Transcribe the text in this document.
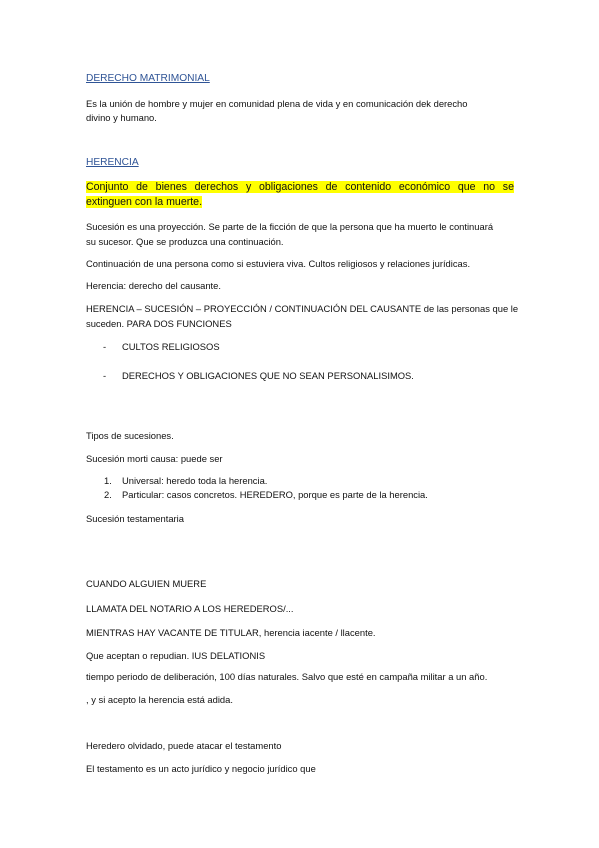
DERECHO MATRIMONIAL
Es la unión de hombre y mujer en comunidad plena de vida y en comunicación dek derecho
divino y humano.
HERENCIA
Conjunto de bienes derechos y obligaciones de contenido económico que no se
extinguen con la muerte.
Sucesión es una proyección. Se parte de la ficción de que la persona que ha muerto le continuará
su sucesor. Que se produzca una continuación.
Continuación de una persona como si estuviera viva. Cultos religiosos y relaciones jurídicas.
Herencia: derecho del causante.
HERENCIA – SUCESIÓN – PROYECCIÓN / CONTINUACIÓN DEL CAUSANTE de las personas que le
suceden. PARA DOS FUNCIONES
- CULTOS RELIGIOSOS
- DERECHOS Y OBLIGACIONES QUE NO SEAN PERSONALISIMOS.
Tipos de sucesiones.
Sucesión morti causa: puede ser
1. Universal: heredo toda la herencia.
2. Particular: casos concretos. HEREDERO, porque es parte de la herencia.
Sucesión testamentaria
CUANDO ALGUIEN MUERE
LLAMATA DEL NOTARIO A LOS HEREDEROS/...
MIENTRAS HAY VACANTE DE TITULAR, herencia iacente / llacente.
Que aceptan o repudian. IUS DELATIONIS
tiempo periodo de deliberación, 100 días naturales. Salvo que esté en campaña militar a un año.
, y si acepto la herencia está adida.
Heredero olvidado, puede atacar el testamento
El testamento es un acto jurídico y negocio jurídico que
